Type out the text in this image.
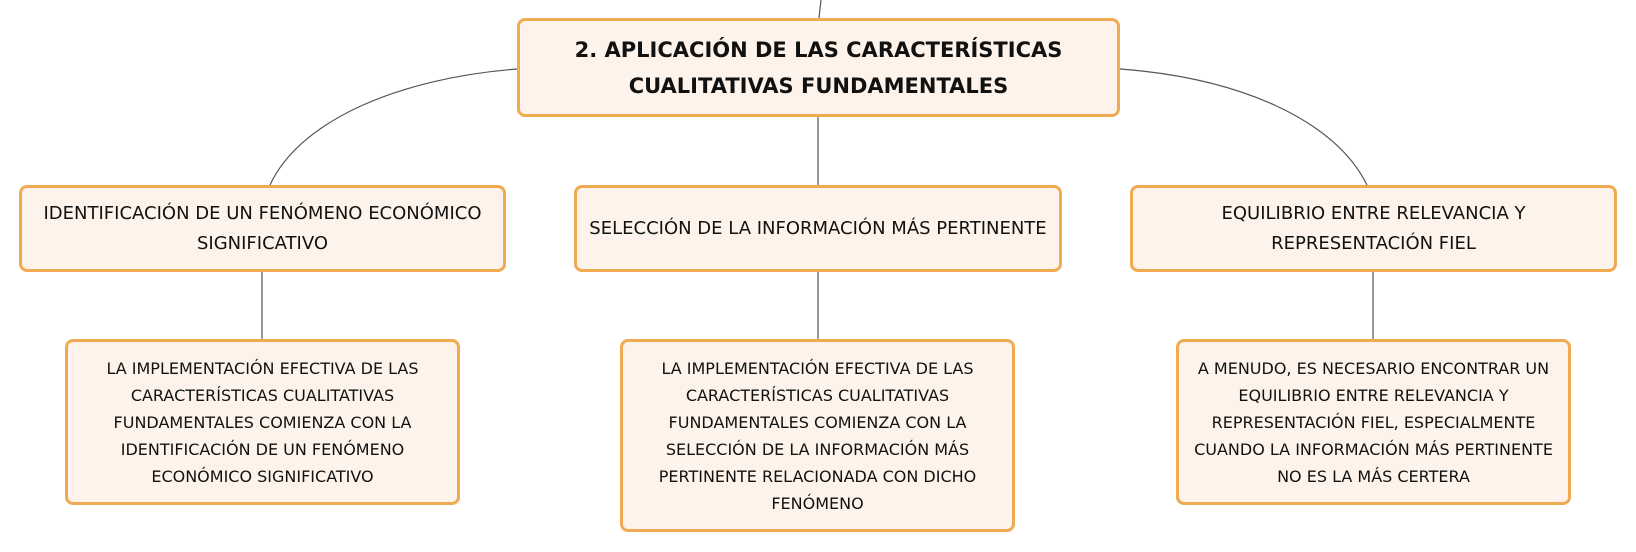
2. APLICACIÓN DE LAS CARACTERÍSTICAS
CUALITATIVAS FUNDAMENTALES
IDENTIFICACIÓN DE UN FENÓMENO ECONÓMICO
SIGNIFICATIVO
SELECCIÓN DE LA INFORMACIÓN MÁS PERTINENTE
EQUILIBRIO ENTRE RELEVANCIA Y
REPRESENTACIÓN FIEL
LA IMPLEMENTACIÓN EFECTIVA DE LAS
CARACTERÍSTICAS CUALITATIVAS
FUNDAMENTALES COMIENZA CON LA
IDENTIFICACIÓN DE UN FENÓMENO
ECONÓMICO SIGNIFICATIVO
LA IMPLEMENTACIÓN EFECTIVA DE LAS
CARACTERÍSTICAS CUALITATIVAS
FUNDAMENTALES COMIENZA CON LA
SELECCIÓN DE LA INFORMACIÓN MÁS
PERTINENTE RELACIONADA CON DICHO
FENÓMENO
A MENUDO, ES NECESARIO ENCONTRAR UN
EQUILIBRIO ENTRE RELEVANCIA Y
REPRESENTACIÓN FIEL, ESPECIALMENTE
CUANDO LA INFORMACIÓN MÁS PERTINENTE
NO ES LA MÁS CERTERA
